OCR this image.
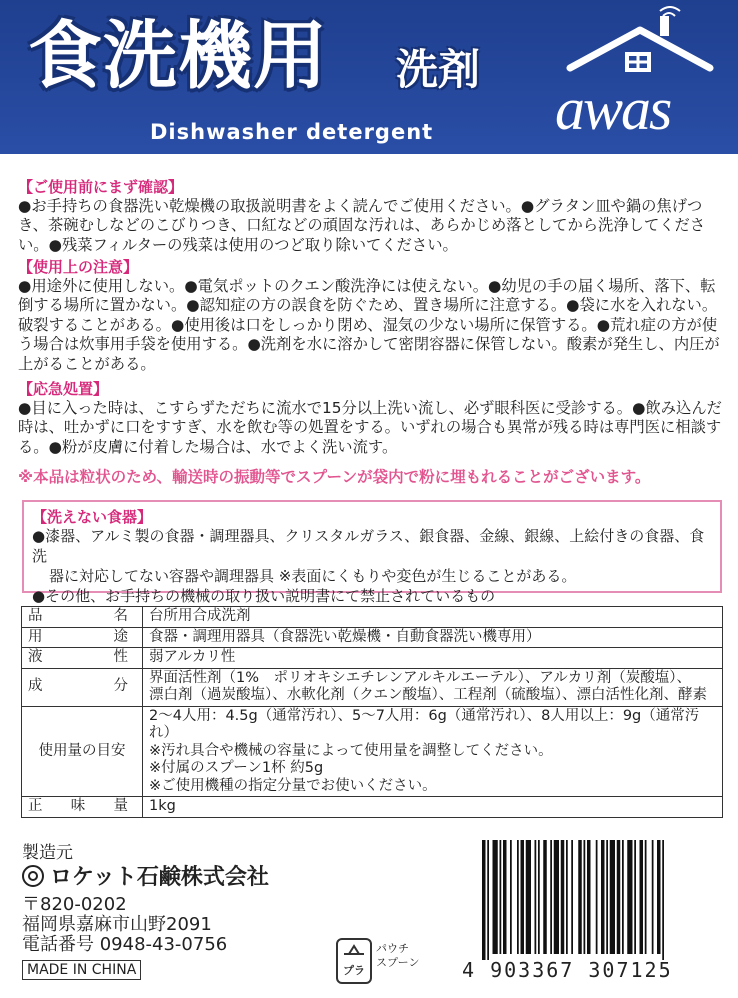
食洗機用 洗剤
Dishwasher detergent awas
【ご使用前にまず確認】
●お手持ちの食器洗い乾燥機の取扱説明書をよく読んでご使用ください。●グラタン皿や鍋の焦げつき、茶碗むしなどのこびりつき、口紅などの頑固な汚れは、あらかじめ落としてから洗浄してください。●残菜フィルターの残菜は使用のつど取り除いてください。
【使用上の注意】
●用途外に使用しない。●電気ポットのクエン酸洗浄には使えない。●幼児の手の届く場所、落下、転倒する場所に置かない。●認知症の方の誤食を防ぐため、置き場所に注意する。●袋に水を入れない。破裂することがある。●使用後は口をしっかり閉め、湿気の少ない場所に保管する。●荒れ症の方が使う場合は炊事用手袋を使用する。●洗剤を水に溶かして密閉容器に保管しない。酸素が発生し、内圧が上がることがある。
【応急処置】
●目に入った時は、こすらずただちに流水で15分以上洗い流し、必ず眼科医に受診する。●飲み込んだ時は、吐かずに口をすすぎ、水を飲む等の処置をする。いずれの場合も異常が残る時は専門医に相談する。●粉が皮膚に付着した場合は、水でよく洗い流す。
※本品は粒状のため、輸送時の振動等でスプーンが袋内で粉に埋もれることがございます。
【洗えない食器】
●漆器、アルミ製の食器・調理器具、クリスタルガラス、銀食器、金線、銀線、上絵付きの食器、食洗
器に対応してない容器や調理器具 ※表面にくもりや変色が生じることがある。
●その他、お手持ちの機械の取り扱い説明書にて禁止されているもの
品名	台所用合成洗剤
用途	食器・調理用器具（食器洗い乾燥機・自動食器洗い機専用）
液性	弱アルカリ性
成分	界面活性剤（1%　ポリオキシエチレンアルキルエーテル）、アルカリ剤（炭酸塩）、
漂白剤（過炭酸塩）、水軟化剤（クエン酸塩）、工程剤（硫酸塩）、漂白活性化剤、酵素

使用量の目安	2〜4人用：4.5g（通常汚れ）、5〜7人用：6g（通常汚れ）、8人用以上：9g（通常汚れ）
※汚れ具合や機械の容量によって使用量を調整してください。
※付属のスプーン1杯 約5g
※ご使用機種の指定分量でお使いください。

正味量	1kg
製造元
ロケット石鹸株式会社
〒820-0202
福岡県嘉麻市山野2091
電話番号 0948-43-0756
MADE IN CHINA	プラ
パウチ
スプーン 4 903367 307125
